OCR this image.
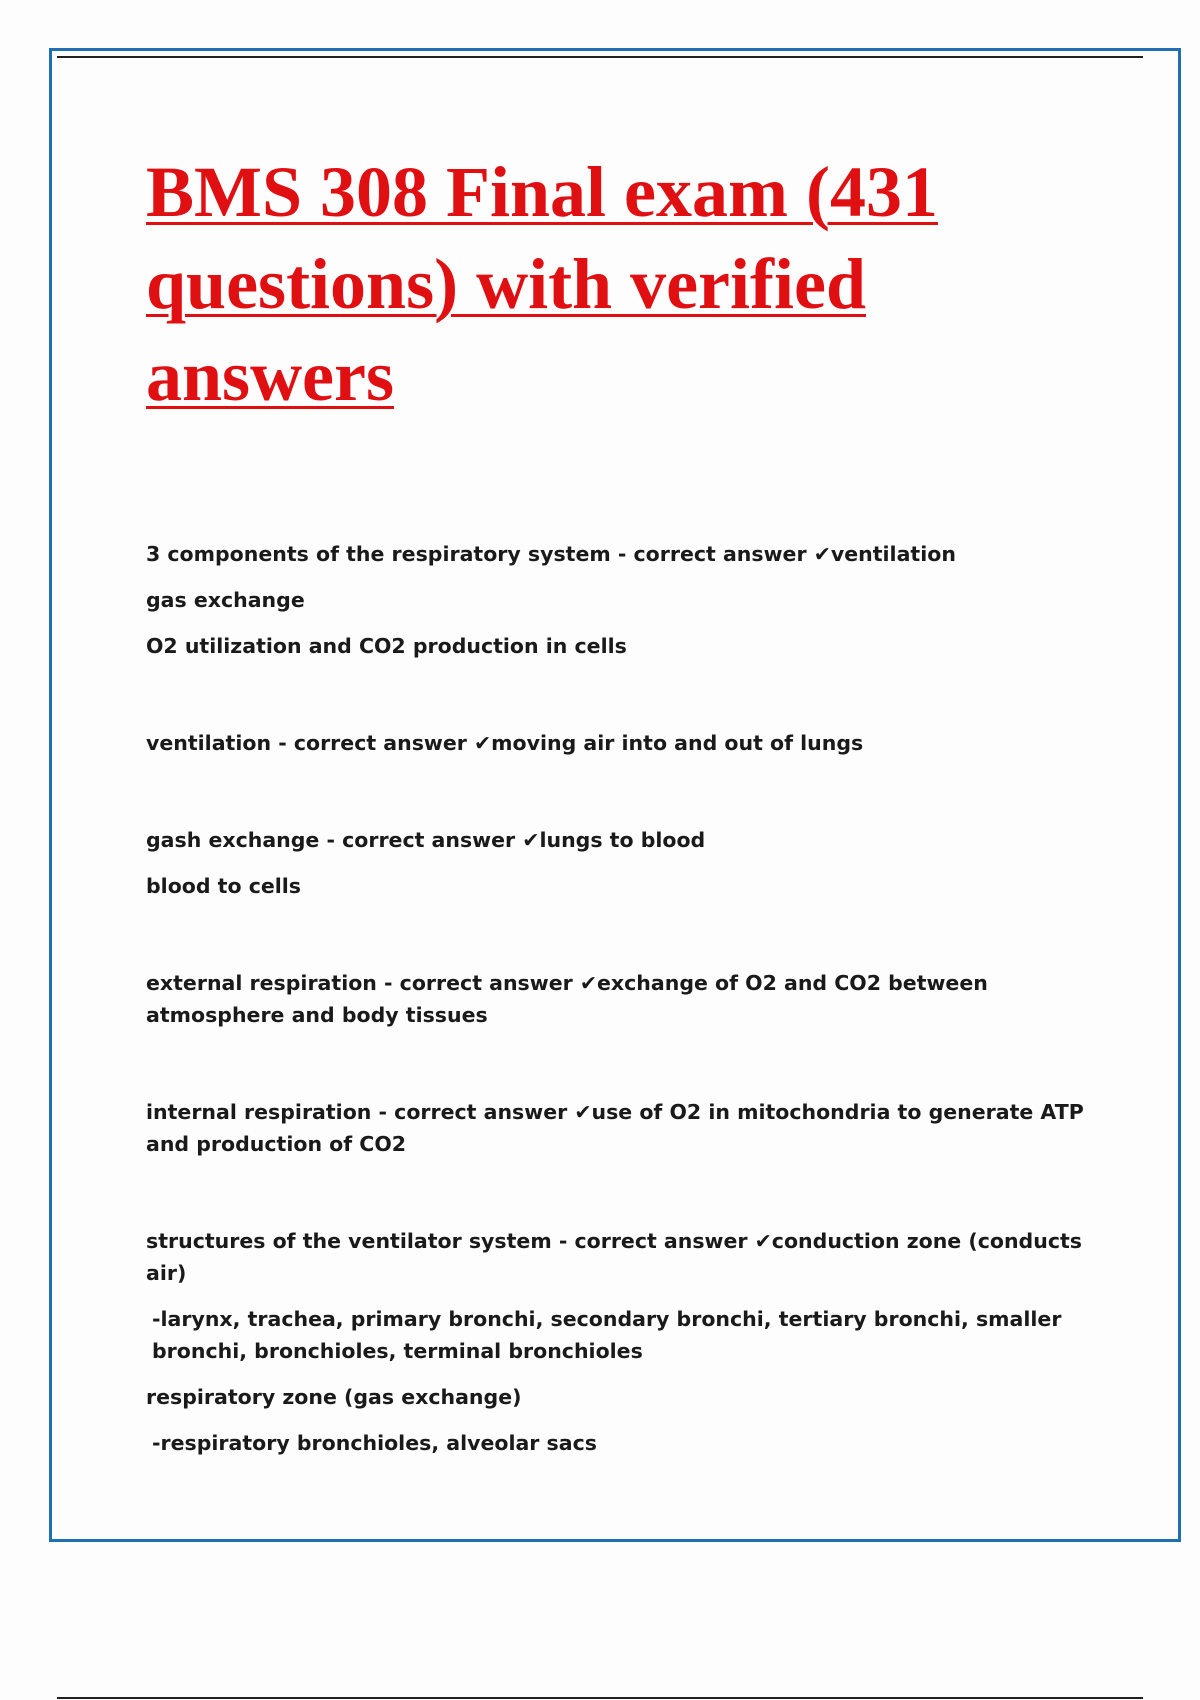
BMS 308 Final exam (431 questions) with verified answers

3 components of the respiratory system - correct answer ✔ventilation

gas exchange

O2 utilization and CO2 production in cells

ventilation - correct answer ✔moving air into and out of lungs

gash exchange - correct answer ✔lungs to blood

blood to cells

external respiration - correct answer ✔exchange of O2 and CO2 between atmosphere and body tissues

internal respiration - correct answer ✔use of O2 in mitochondria to generate ATP and production of CO2

structures of the ventilator system - correct answer ✔conduction zone (conducts air)

-larynx, trachea, primary bronchi, secondary bronchi, tertiary bronchi, smaller bronchi, bronchioles, terminal bronchioles

respiratory zone (gas exchange)

-respiratory bronchioles, alveolar sacs
